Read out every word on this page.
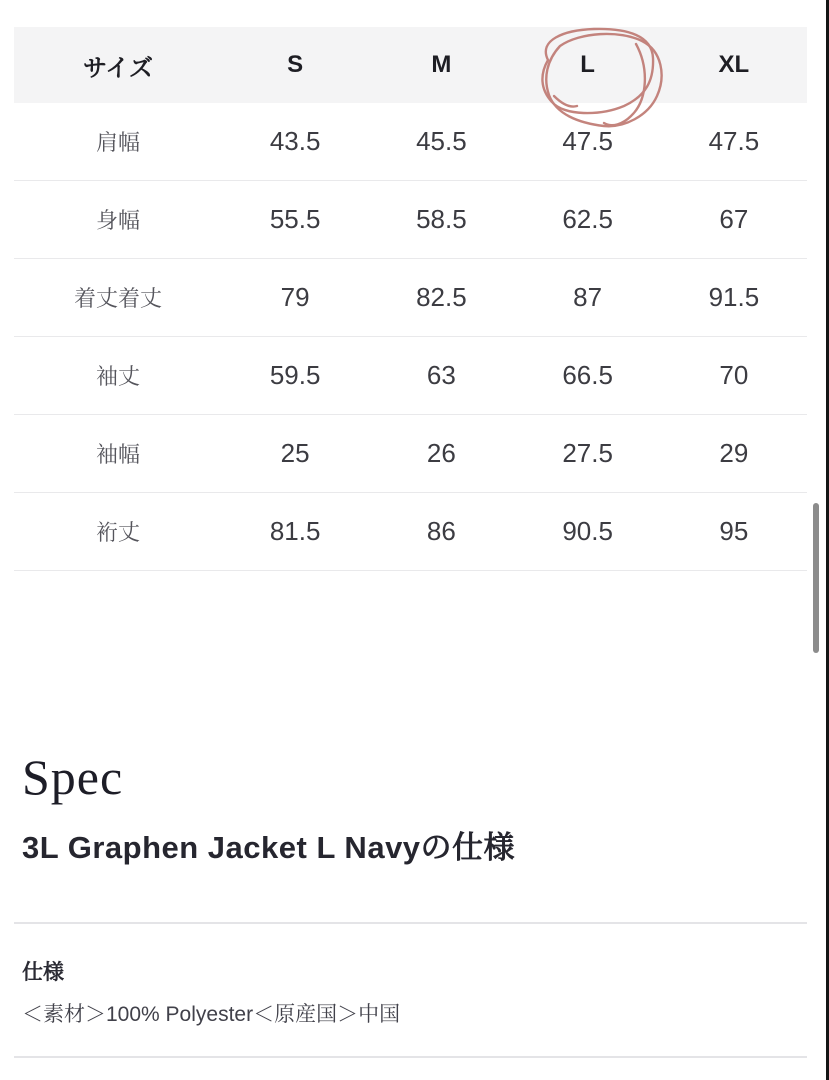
サイズ	S	M	L	XL
肩幅	43.5	45.5	47.5	47.5
身幅	55.5	58.5	62.5	67
着丈着丈	79	82.5	87	91.5
袖丈	59.5	63	66.5	70
袖幅	25	26	27.5	29
裄丈	81.5	86	90.5	95
Spec
3L Graphen Jacket L Navyの仕様
仕様
＜素材＞100% Polyester＜原産国＞中国
